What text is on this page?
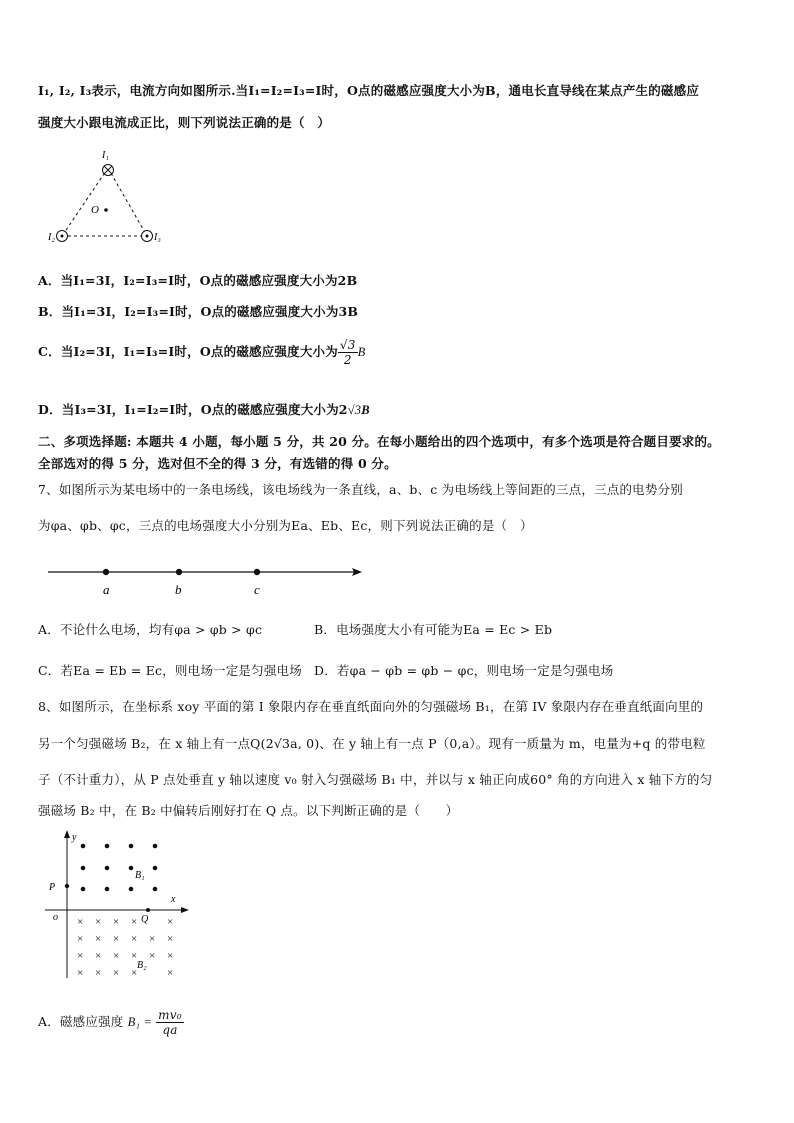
I₁, I₂, I₃表示，电流方向如图所示.当I₁=I₂=I₃=I时，O点的磁感应强度大小为B，通电长直导线在某点产生的磁感应
强度大小跟电流成正比，则下列说法正确的是（　）
I₁
O
I₂	I₃
A．当I₁=3I，I₂=I₃=I时，O点的磁感应强度大小为2B
B．当I₁=3I，I₂=I₃=I时，O点的磁感应强度大小为3B
C．当I₂=3I，I₁=I₃=I时，O点的磁感应强度大小为 $\frac{√3}{2}$ B
D．当I₃=3I，I₁=I₂=I时，O点的磁感应强度大小为2√3B
二、多项选择题: 本题共 4 小题，每小题 5 分，共 20 分。在每小题给出的四个选项中，有多个选项是符合题目要求的。
全部选对的得 5 分，选对但不全的得 3 分，有选错的得 0 分。
7、如图所示为某电场中的一条电场线，该电场线为一条直线，a、b、c 为电场线上等间距的三点，三点的电势分别
为φa、φb、φc，三点的电场强度大小分别为Ea、Eb、Ec，则下列说法正确的是（　）
a	b	c
A．不论什么电场，均有φa > φb > φc	B．电场强度大小有可能为Ea = Ec > Eb
C．若Ea = Eb = Ec，则电场一定是匀强电场 D．若φa − φb = φb − φc，则电场一定是匀强电场
8、如图所示，在坐标系 xoy 平面的第 I 象限内存在垂直纸面向外的匀强磁场 B₁，在第 IV 象限内存在垂直纸面向里的
另一个匀强磁场 B₂，在 x 轴上有一点Q(2√3a, 0)、在 y 轴上有一点 P（0,a）。现有一质量为 m，电量为+q 的带电粒
子（不计重力），从 P 点处垂直 y 轴以速度 v₀ 射入匀强磁场 B₁ 中，并以与 x 轴正向成60° 角的方向进入 x 轴下方的匀
强磁场 B₂ 中，在 B₂ 中偏转后刚好打在 Q 点。以下判断正确的是（　　）
y
x
o
P
Q
B₁
× × × ×	×
× × × × × ×
× × × × × ×
× × × ×	×
B₂
A．磁感应强度 $B_1 = \frac{\text{mv₀}}{qa}$
